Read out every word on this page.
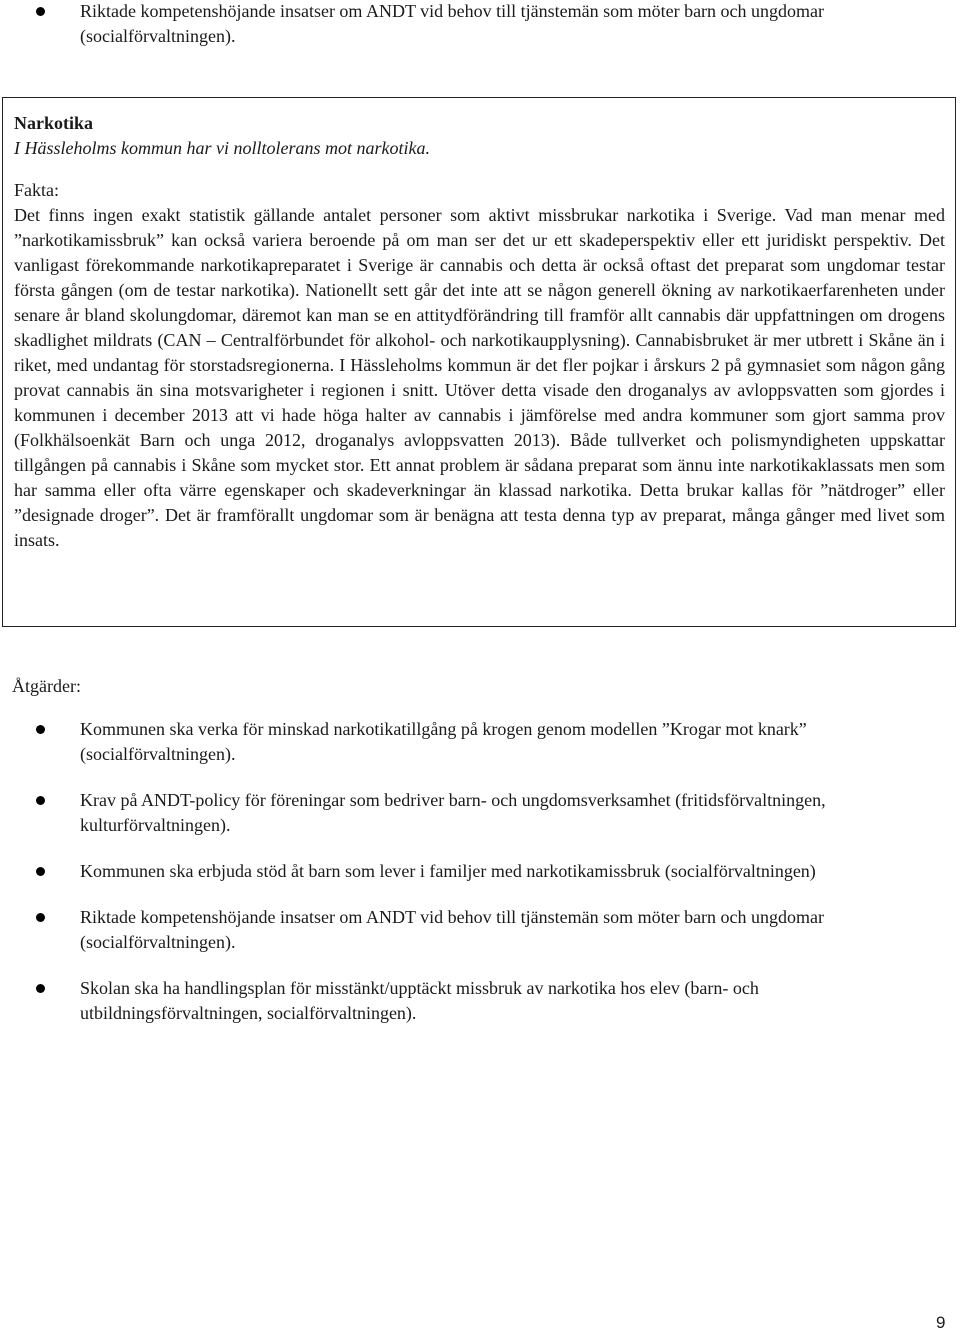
Riktade kompetenshöjande insatser om ANDT vid behov till tjänstemän som möter barn och ungdomar (socialförvaltningen).

Narkotika

I Hässleholms kommun har vi nolltolerans mot narkotika.

Fakta:

Det finns ingen exakt statistik gällande antalet personer som aktivt missbrukar narkotika i Sverige. Vad man menar med ”narkotikamissbruk” kan också variera beroende på om man ser det ur ett skadeperspektiv eller ett juridiskt perspektiv. Det vanligast förekommande narkotikapreparatet i Sverige är cannabis och detta är också oftast det preparat som ungdomar testar första gången (om de testar narkotika). Nationellt sett går det inte att se någon generell ökning av narkotikaerfarenheten under senare år bland skolungdomar, däremot kan man se en attitydförändring till framför allt cannabis där uppfattningen om drogens skadlighet mildrats (CAN – Centralförbundet för alkohol- och narkotikaupplysning). Cannabisbruket är mer utbrett i Skåne än i riket, med undantag för storstadsregionerna. I Hässleholms kommun är det fler pojkar i årskurs 2 på gymnasiet som någon gång provat cannabis än sina motsvarigheter i regionen i snitt. Utöver detta visade den droganalys av avloppsvatten som gjordes i kommunen i december 2013 att vi hade höga halter av cannabis i jämförelse med andra kommuner som gjort samma prov (Folkhälsoenkät Barn och unga 2012, droganalys avloppsvatten 2013). Både tullverket och polismyndigheten uppskattar tillgången på cannabis i Skåne som mycket stor. Ett annat problem är sådana preparat som ännu inte narkotikaklassats men som har samma eller ofta värre egenskaper och skadeverkningar än klassad narkotika. Detta brukar kallas för ”nätdroger” eller ”designade droger”. Det är framförallt ungdomar som är benägna att testa denna typ av preparat, många gånger med livet som insats.

Åtgärder:
Kommunen ska verka för minskad narkotikatillgång på krogen genom modellen ”Krogar mot knark” (socialförvaltningen).
Krav på ANDT-policy för föreningar som bedriver barn- och ungdomsverksamhet (fritidsförvaltningen, kulturförvaltningen).
Kommunen ska erbjuda stöd åt barn som lever i familjer med narkotikamissbruk (socialförvaltningen)
Riktade kompetenshöjande insatser om ANDT vid behov till tjänstemän som möter barn och ungdomar (socialförvaltningen).
Skolan ska ha handlingsplan för misstänkt/upptäckt missbruk av narkotika hos elev (barn- och utbildningsförvaltningen, socialförvaltningen).
9
